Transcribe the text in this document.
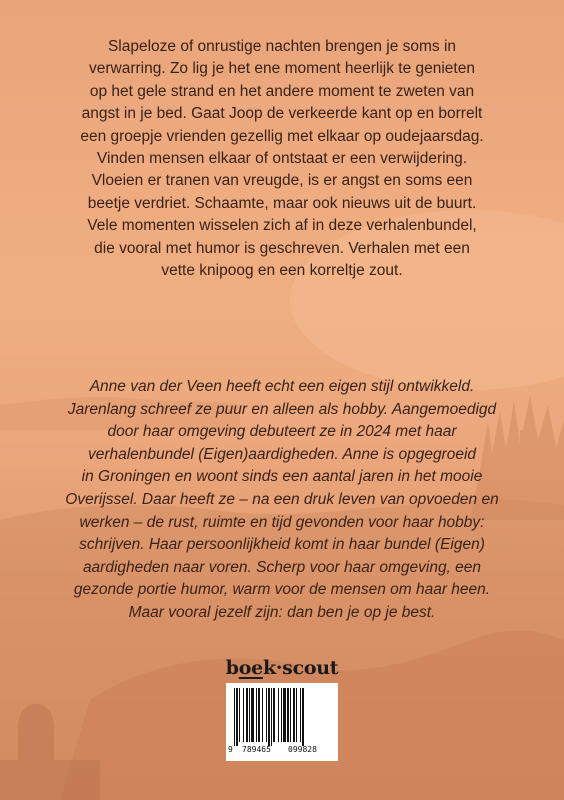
Slapeloze of onrustige nachten brengen je soms in
verwarring. Zo lig je het ene moment heerlijk te genieten
op het gele strand en het andere moment te zweten van
angst in je bed. Gaat Joop de verkeerde kant op en borrelt
een groepje vrienden gezellig met elkaar op oudejaarsdag.
Vinden mensen elkaar of ontstaat er een verwijdering.
Vloeien er tranen van vreugde, is er angst en soms een
beetje verdriet. Schaamte, maar ook nieuws uit de buurt.
Vele momenten wisselen zich af in deze verhalenbundel,
die vooral met humor is geschreven. Verhalen met een
vette knipoog en een korreltje zout.
Anne van der Veen heeft echt een eigen stijl ontwikkeld.
Jarenlang schreef ze puur en alleen als hobby. Aangemoedigd
door haar omgeving debuteert ze in 2024 met haar
verhalenbundel (Eigen)aardigheden. Anne is opgegroeid
in Groningen en woont sinds een aantal jaren in het mooie
Overijssel. Daar heeft ze – na een druk leven van opvoeden en
werken – de rust, ruimte en tijd gevonden voor haar hobby:
schrijven. Haar persoonlijkheid komt in haar bundel (Eigen)
aardigheden naar voren. Scherp voor haar omgeving, een
gezonde portie humor, warm voor de mensen om haar heen.
Maar vooral jezelf zijn: dan ben je op je best.
boek·scout
9 789465 099828
